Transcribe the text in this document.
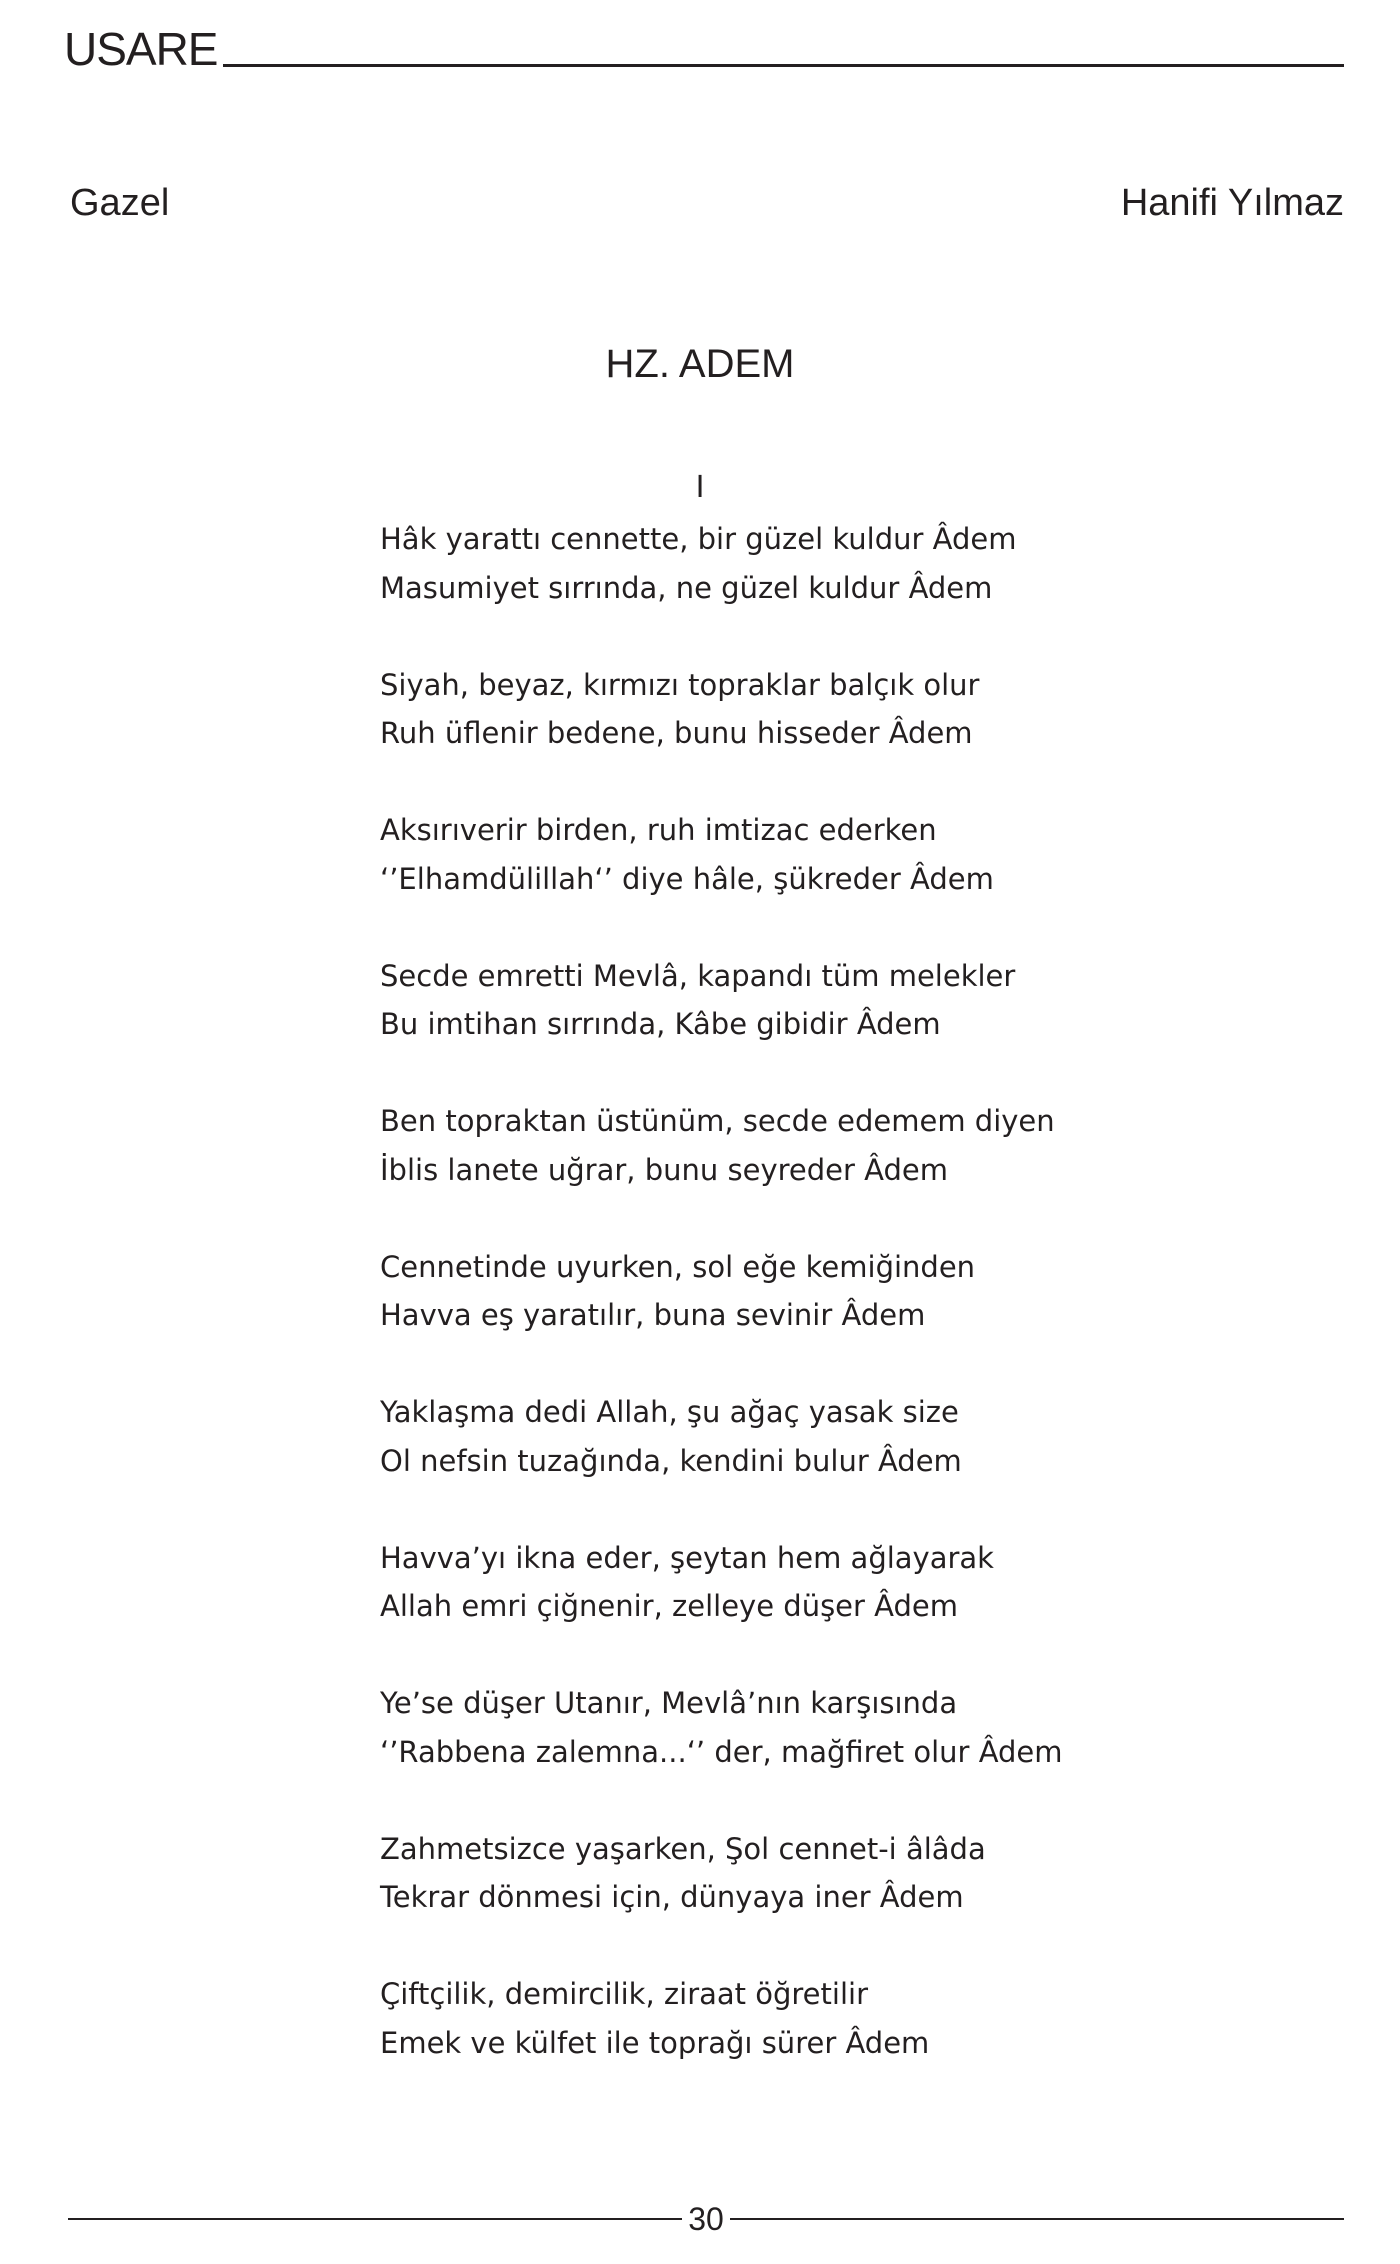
USARE
Gazel	Hanifi Yılmaz
HZ. ADEM
I
Hâk yarattı cennette, bir güzel kuldur Âdem
Masumiyet sırrında, ne güzel kuldur Âdem
Siyah, beyaz, kırmızı topraklar balçık olur
Ruh üflenir bedene, bunu hisseder Âdem
Aksırıverir birden, ruh imtizac ederken
‘’Elhamdülillah‘’ diye hâle, şükreder Âdem
Secde emretti Mevlâ, kapandı tüm melekler
Bu imtihan sırrında, Kâbe gibidir Âdem
Ben topraktan üstünüm, secde edemem diyen
İblis lanete uğrar, bunu seyreder Âdem
Cennetinde uyurken, sol eğe kemiğinden
Havva eş yaratılır, buna sevinir Âdem
Yaklaşma dedi Allah, şu ağaç yasak size
Ol nefsin tuzağında, kendini bulur Âdem
Havva’yı ikna eder, şeytan hem ağlayarak
Allah emri çiğnenir, zelleye düşer Âdem
Ye’se düşer Utanır, Mevlâ’nın karşısında
‘’Rabbena zalemna...‘’ der, mağfiret olur Âdem
Zahmetsizce yaşarken, Şol cennet-i âlâda
Tekrar dönmesi için, dünyaya iner Âdem
Çiftçilik, demircilik, ziraat öğretilir
Emek ve külfet ile toprağı sürer Âdem
30
